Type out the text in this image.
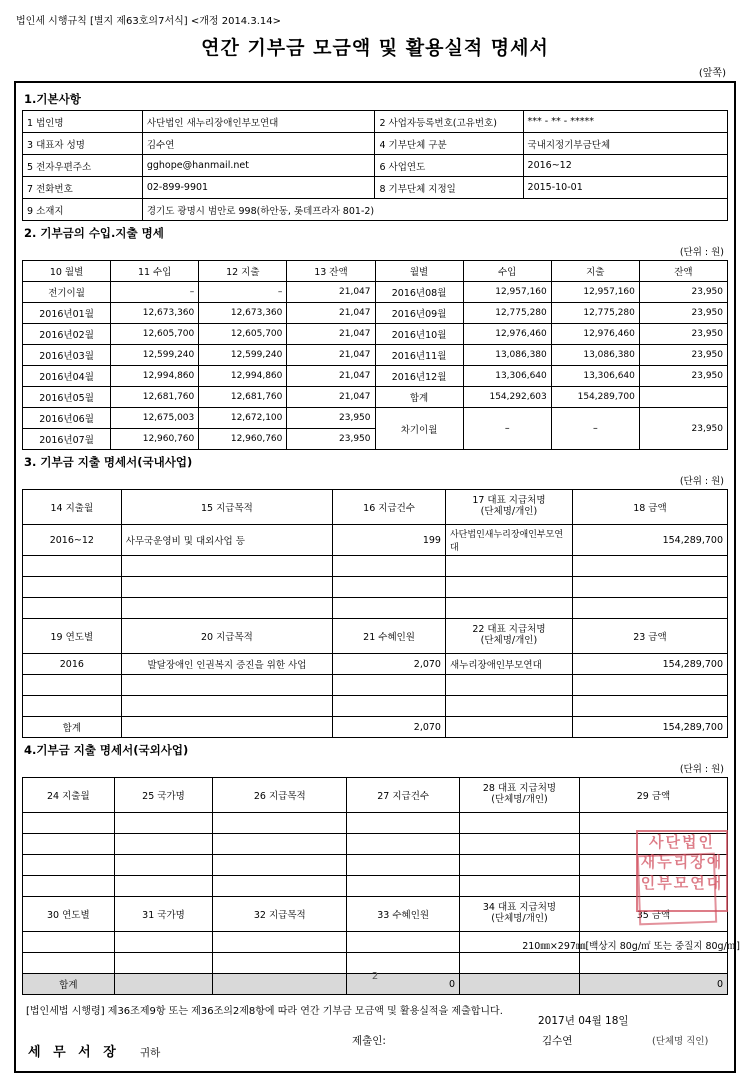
법인세 시행규칙 [별지 제63호의7서식] <개정 2014.3.14>
연간 기부금 모금액 및 활용실적 명세서
(앞쪽)
1.기본사항
1 법인명	사단법인 새누리장애인부모연대	2 사업자등록번호(고유번호)	*** - ** - *****
3 대표자 성명	김수연	4 기부단체 구분	국내지정기부금단체
5 전자우편주소	gghope@hanmail.net	6 사업연도	2016~12
7 전화번호	02-899-9901	8 기부단체 지정일	2015-10-01
9 소재지	경기도 광명시 범안로 998(하안동, 롯데프라자 801-2)		
2. 기부금의 수입.지출 명세
(단위 : 원)
10 월별	11 수입	12 지출	13 잔액	월별	수입	지출	잔액
전기이월	–	–	21,047	2016년08월	12,957,160	12,957,160	23,950
2016년01월	12,673,360	12,673,360	21,047	2016년09월	12,775,280	12,775,280	23,950
2016년02월	12,605,700	12,605,700	21,047	2016년10월	12,976,460	12,976,460	23,950
2016년03월	12,599,240	12,599,240	21,047	2016년11월	13,086,380	13,086,380	23,950
2016년04월	12,994,860	12,994,860	21,047	2016년12월	13,306,640	13,306,640	23,950
2016년05월	12,681,760	12,681,760	21,047	합계	154,292,603	154,289,700	
2016년06월	12,675,003	12,672,100	23,950	차기이월	–	–	23,950
2016년07월	12,960,760	12,960,760	23,950				
3. 기부금 지출 명세서(국내사업)
(단위 : 원)
14 지출월	15 지급목적	16 지급건수	17 대표 지급처명
(단체명/개인)	18 금액
2016~12	사무국운영비 및 대외사업 등	199	사단법인새누리장애인부모연대	154,289,700

19 연도별	20 지급목적	21 수혜인원	22 대표 지급처명
(단체명/개인)	23 금액
2016	발달장애인 인권복지 증진을 위한 사업	2,070	새누리장애인부모연대	154,289,700

합계		2,070		154,289,700
4.기부금 지출 명세서(국외사업)
(단위 : 원)
24 지출월	25 국가명	26 지급목적	27 지급건수	28 대표 지급처명
(단체명/개인)	29 금액

30 연도별	31 국가명	32 지급목적	33 수혜인원	34 대표 지급처명
(단체명/개인)	35 금액

합계			0		0
[법인세법 시행령] 제36조제9항 또는 제36조의2제8항에 따라 연간 기부금 모금액 및 활용실적을 제출합니다.
2017년 04월 18일
제출인:	김수연	(단체명 직인)
세 무 서 장 귀하
사단법인 새누리장애인부모연대
210㎜×297㎜[백상지 80g/㎡ 또는 중질지 80g/㎡]
2
